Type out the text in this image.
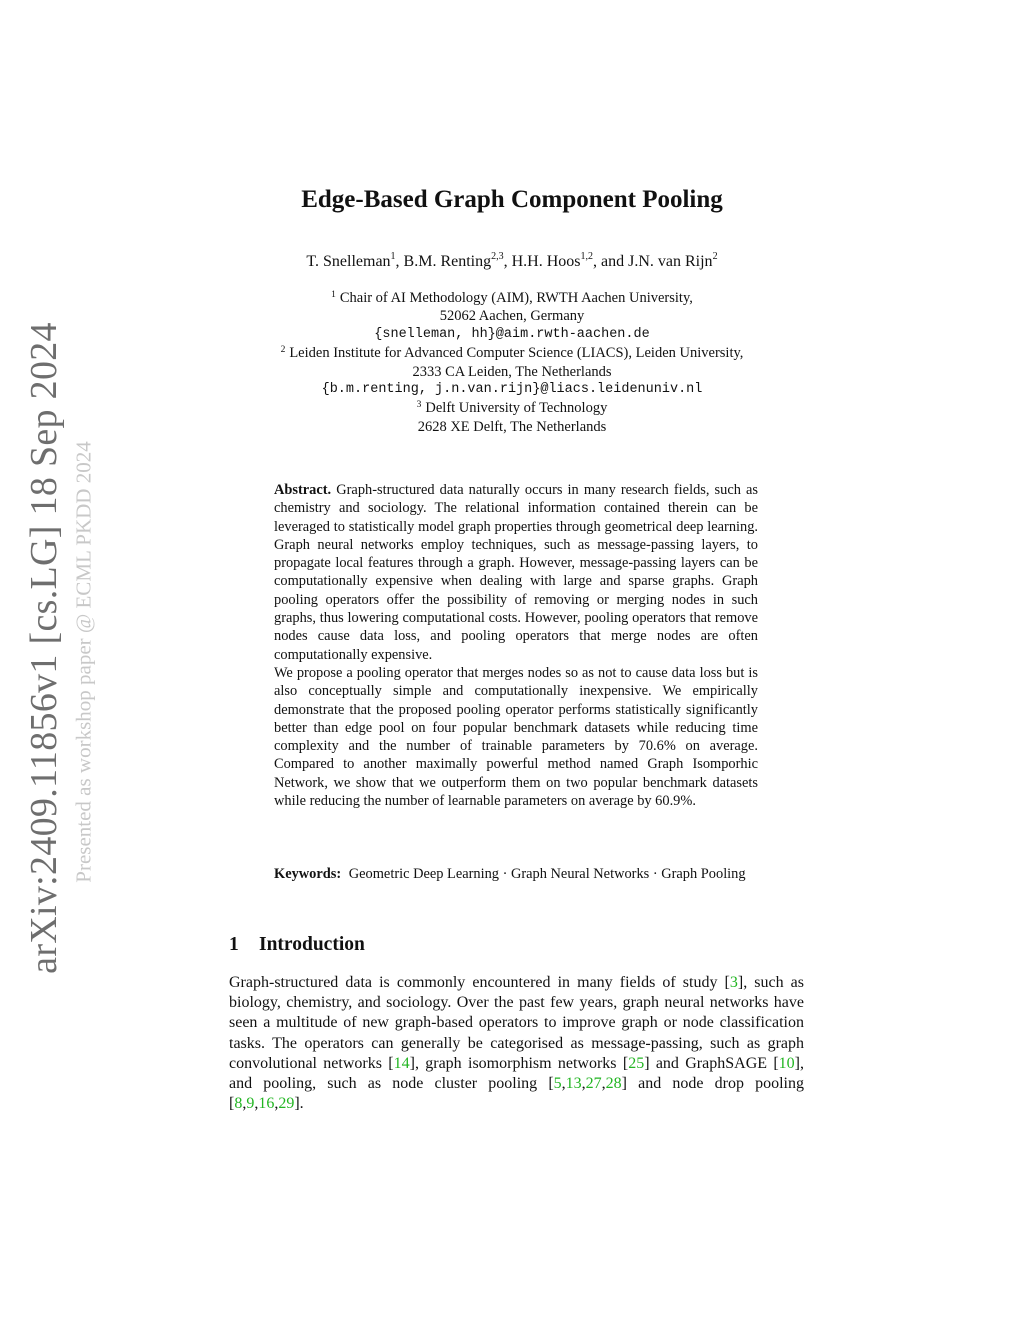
arXiv:2409.11856v1 [cs.LG] 18 Sep 2024 Presented as workshop paper @ ECML PKDD 2024
Edge-Based Graph Component Pooling
T. Snelleman$^1$, B.M. Renting$^{2,3}$, H.H. Hoos$^{1,2}$, and J.N. van Rijn$^2$
$^1$ Chair of AI Methodology (AIM), RWTH Aachen University,
52062 Aachen, Germany
{snelleman, hh}@aim.rwth-aachen.de
$^2$ Leiden Institute for Advanced Computer Science (LIACS), Leiden University,
2333 CA Leiden, The Netherlands
{b.m.renting, j.n.van.rijn}@liacs.leidenuniv.nl
$^3$ Delft University of Technology
2628 XE Delft, The Netherlands

Abstract. Graph-structured data naturally occurs in many research fields, such as chemistry and sociology. The relational information contained therein can be leveraged to statistically model graph properties through geometrical deep learning. Graph neural networks employ techniques, such as message-passing layers, to propagate local features through a graph. However, message-passing layers can be computationally expensive when dealing with large and sparse graphs. Graph pooling operators offer the possibility of removing or merging nodes in such graphs, thus lowering computational costs. However, pooling operators that remove nodes cause data loss, and pooling operators that merge nodes are often computationally expensive.

We propose a pooling operator that merges nodes so as not to cause data loss but is also conceptually simple and computationally inexpensive. We empirically demonstrate that the proposed pooling operator performs statistically significantly better than edge pool on four popular benchmark datasets while reducing time complexity and the number of trainable parameters by 70.6% on average. Compared to another maximally powerful method named Graph Isomporhic Network, we show that we outperform them on two popular benchmark datasets while reducing the number of learnable parameters on average by 60.9%.

Keywords: Geometric Deep Learning · Graph Neural Networks · Graph Pooling
1 Introduction

Graph-structured data is commonly encountered in many fields of study [3], such as biology, chemistry, and sociology. Over the past few years, graph neural networks have seen a multitude of new graph-based operators to improve graph or node classification tasks. The operators can generally be categorised as message-passing, such as graph convolutional networks [14], graph isomorphism networks [25] and GraphSAGE [10], and pooling, such as node cluster pooling [5,13,27,28] and node drop pooling [8,9,16,29].
